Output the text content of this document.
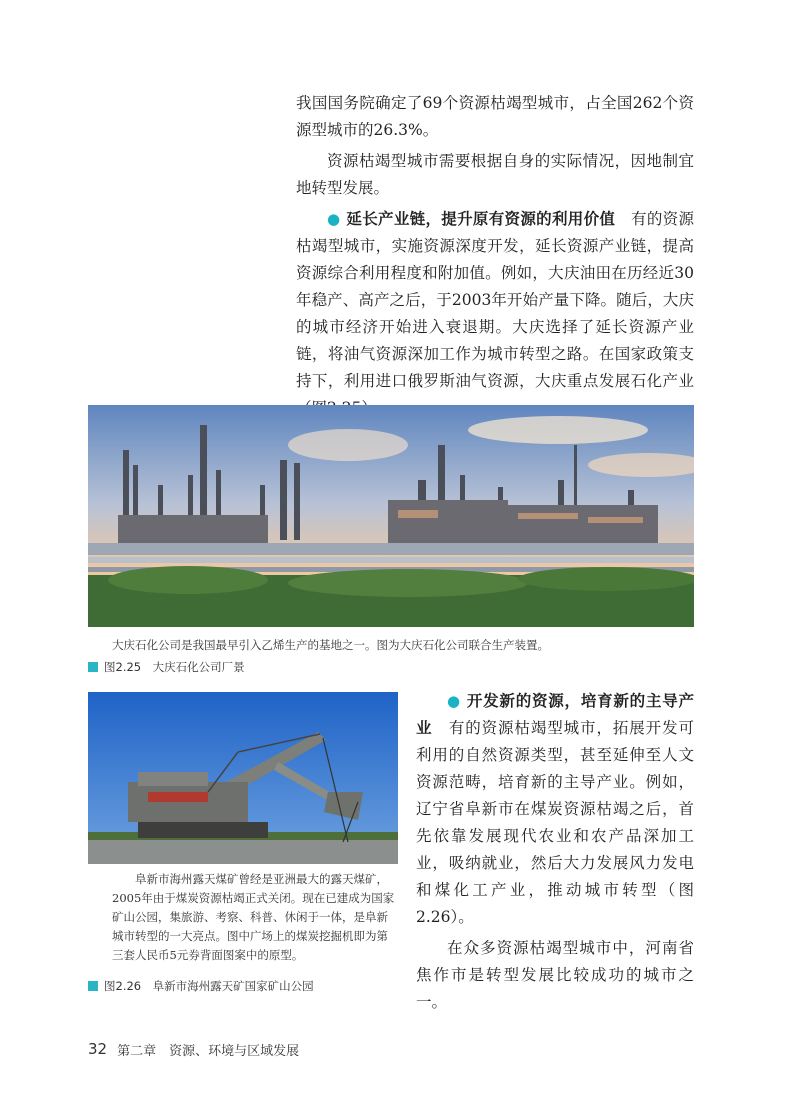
我国国务院确定了69个资源枯竭型城市，占全国262个资源型城市的26.3%。

资源枯竭型城市需要根据自身的实际情况，因地制宜地转型发展。

● 延长产业链，提升原有资源的利用价值　 有的资源枯竭型城市，实施资源深度开发，延长资源产业链，提高资源综合利用程度和附加值。例如，大庆油田在历经近30年稳产、高产之后，于2003年开始产量下降。随后，大庆的城市经济开始进入衰退期。大庆选择了延长资源产业链，将油气资源深加工作为城市转型之路。在国家政策支持下，利用进口俄罗斯油气资源，大庆重点发展石化产业

大庆石化公司是我国最早引入乙烯生产的基地之一。图为大庆石化公司联合生产装置。

图2.25　大庆石化公司厂景

阜新市海州露天煤矿曾经是亚洲最大的露天煤矿，2005年由于煤炭资源枯竭正式关闭。现在已建成为国家矿山公园，集旅游、考察、科普、休闲于一体，是阜新城市转型的一大亮点。图中广场上的煤炭挖掘机即为第三套人民币5元券背面图案中的原型。

图2.26　阜新市海州露天矿国家矿山公园

● 开发新的资源，培育新的主导产业　 有的资源枯竭型城市，拓展开发可利用的自然资源类型，甚至延伸至人文资源范畴，培育新的主导产业。例如，辽宁省阜新市在煤炭资源枯竭之后，首先依靠发展现代农业和农产品深加工业，吸纳就业，然后大力发展风力发电和煤化工产业，推动城市转型（图2.26）。

在众多资源枯竭型城市中，河南省焦作市是转型发展比较成功的城市之一。

32 第二章　资源、环境与区域发展
